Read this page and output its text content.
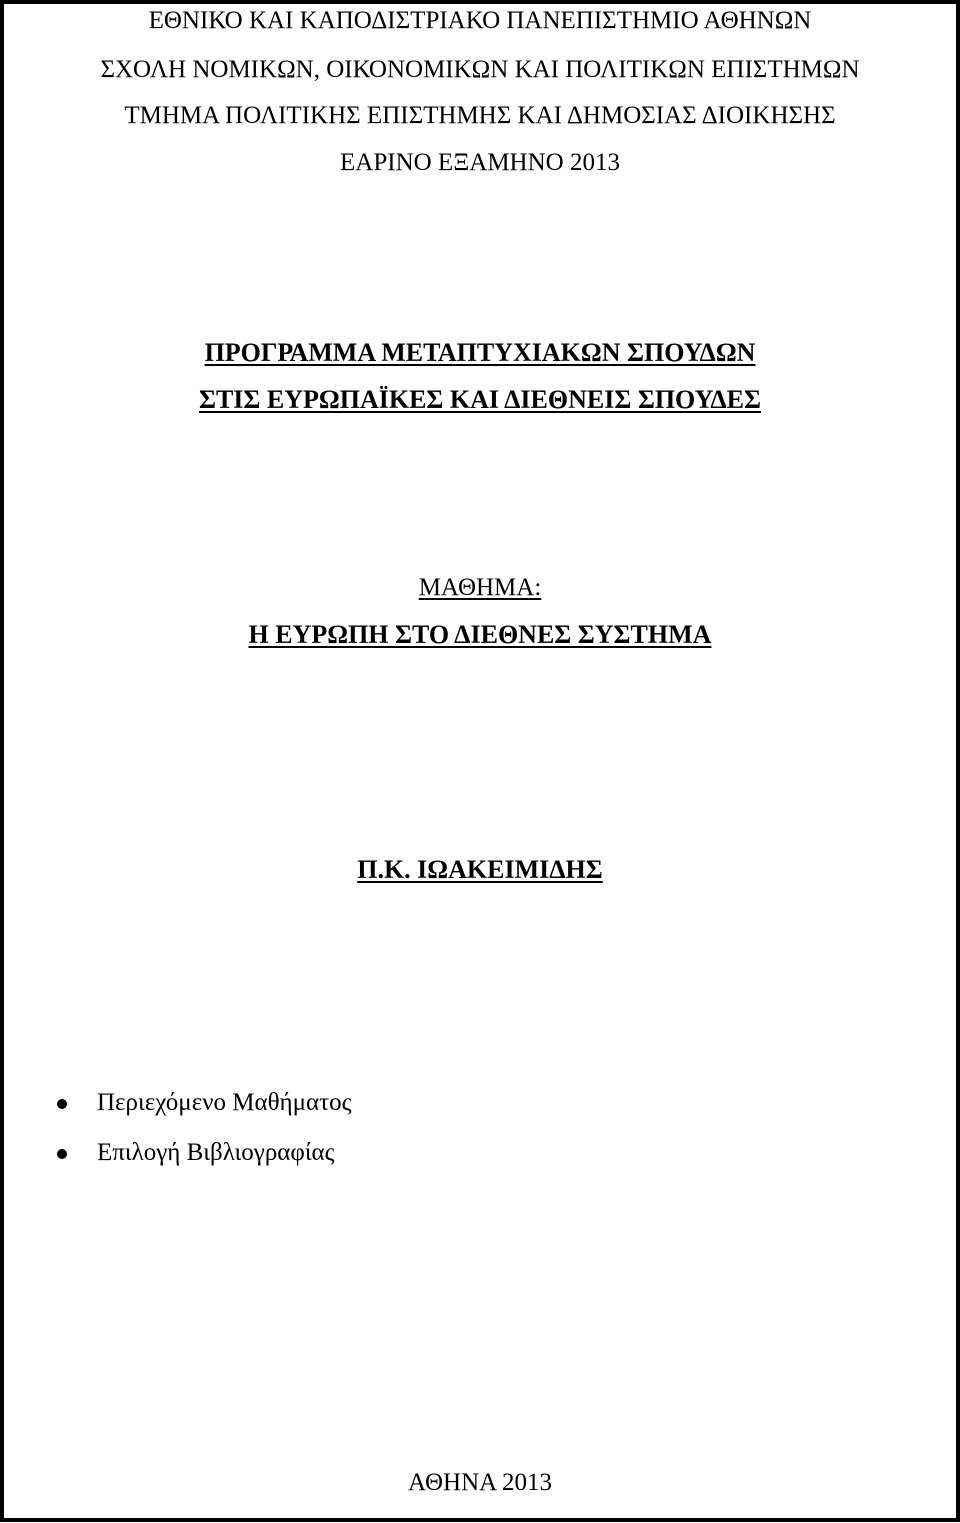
ΕΘΝΙΚΟ ΚΑΙ ΚΑΠΟΔΙΣΤΡΙΑΚΟ ΠΑΝΕΠΙΣΤΗΜΙΟ ΑΘΗΝΩΝ
ΣΧΟΛΗ ΝΟΜΙΚΩΝ, ΟΙΚΟΝΟΜΙΚΩΝ ΚΑΙ ΠΟΛΙΤΙΚΩΝ ΕΠΙΣΤΗΜΩΝ
ΤΜΗΜΑ ΠΟΛΙΤΙΚΗΣ ΕΠΙΣΤΗΜΗΣ ΚΑΙ ΔΗΜΟΣΙΑΣ ΔΙΟΙΚΗΣΗΣ
ΕΑΡΙΝΟ ΕΞΑΜΗΝΟ 2013
ΠΡΟΓΡΑΜΜΑ ΜΕΤΑΠΤΥΧΙΑΚΩΝ ΣΠΟΥΔΩΝ
ΣΤΙΣ ΕΥΡΩΠΑΪΚΕΣ ΚΑΙ ΔΙΕΘΝΕΙΣ ΣΠΟΥΔΕΣ
ΜΑΘΗΜΑ:
Η ΕΥΡΩΠΗ ΣΤΟ ΔΙΕΘΝΕΣ ΣΥΣΤΗΜΑ
Π.Κ. ΙΩΑΚΕΙΜΙΔΗΣ
Περιεχόμενο Μαθήματος
Επιλογή Βιβλιογραφίας
ΑΘΗΝΑ 2013
